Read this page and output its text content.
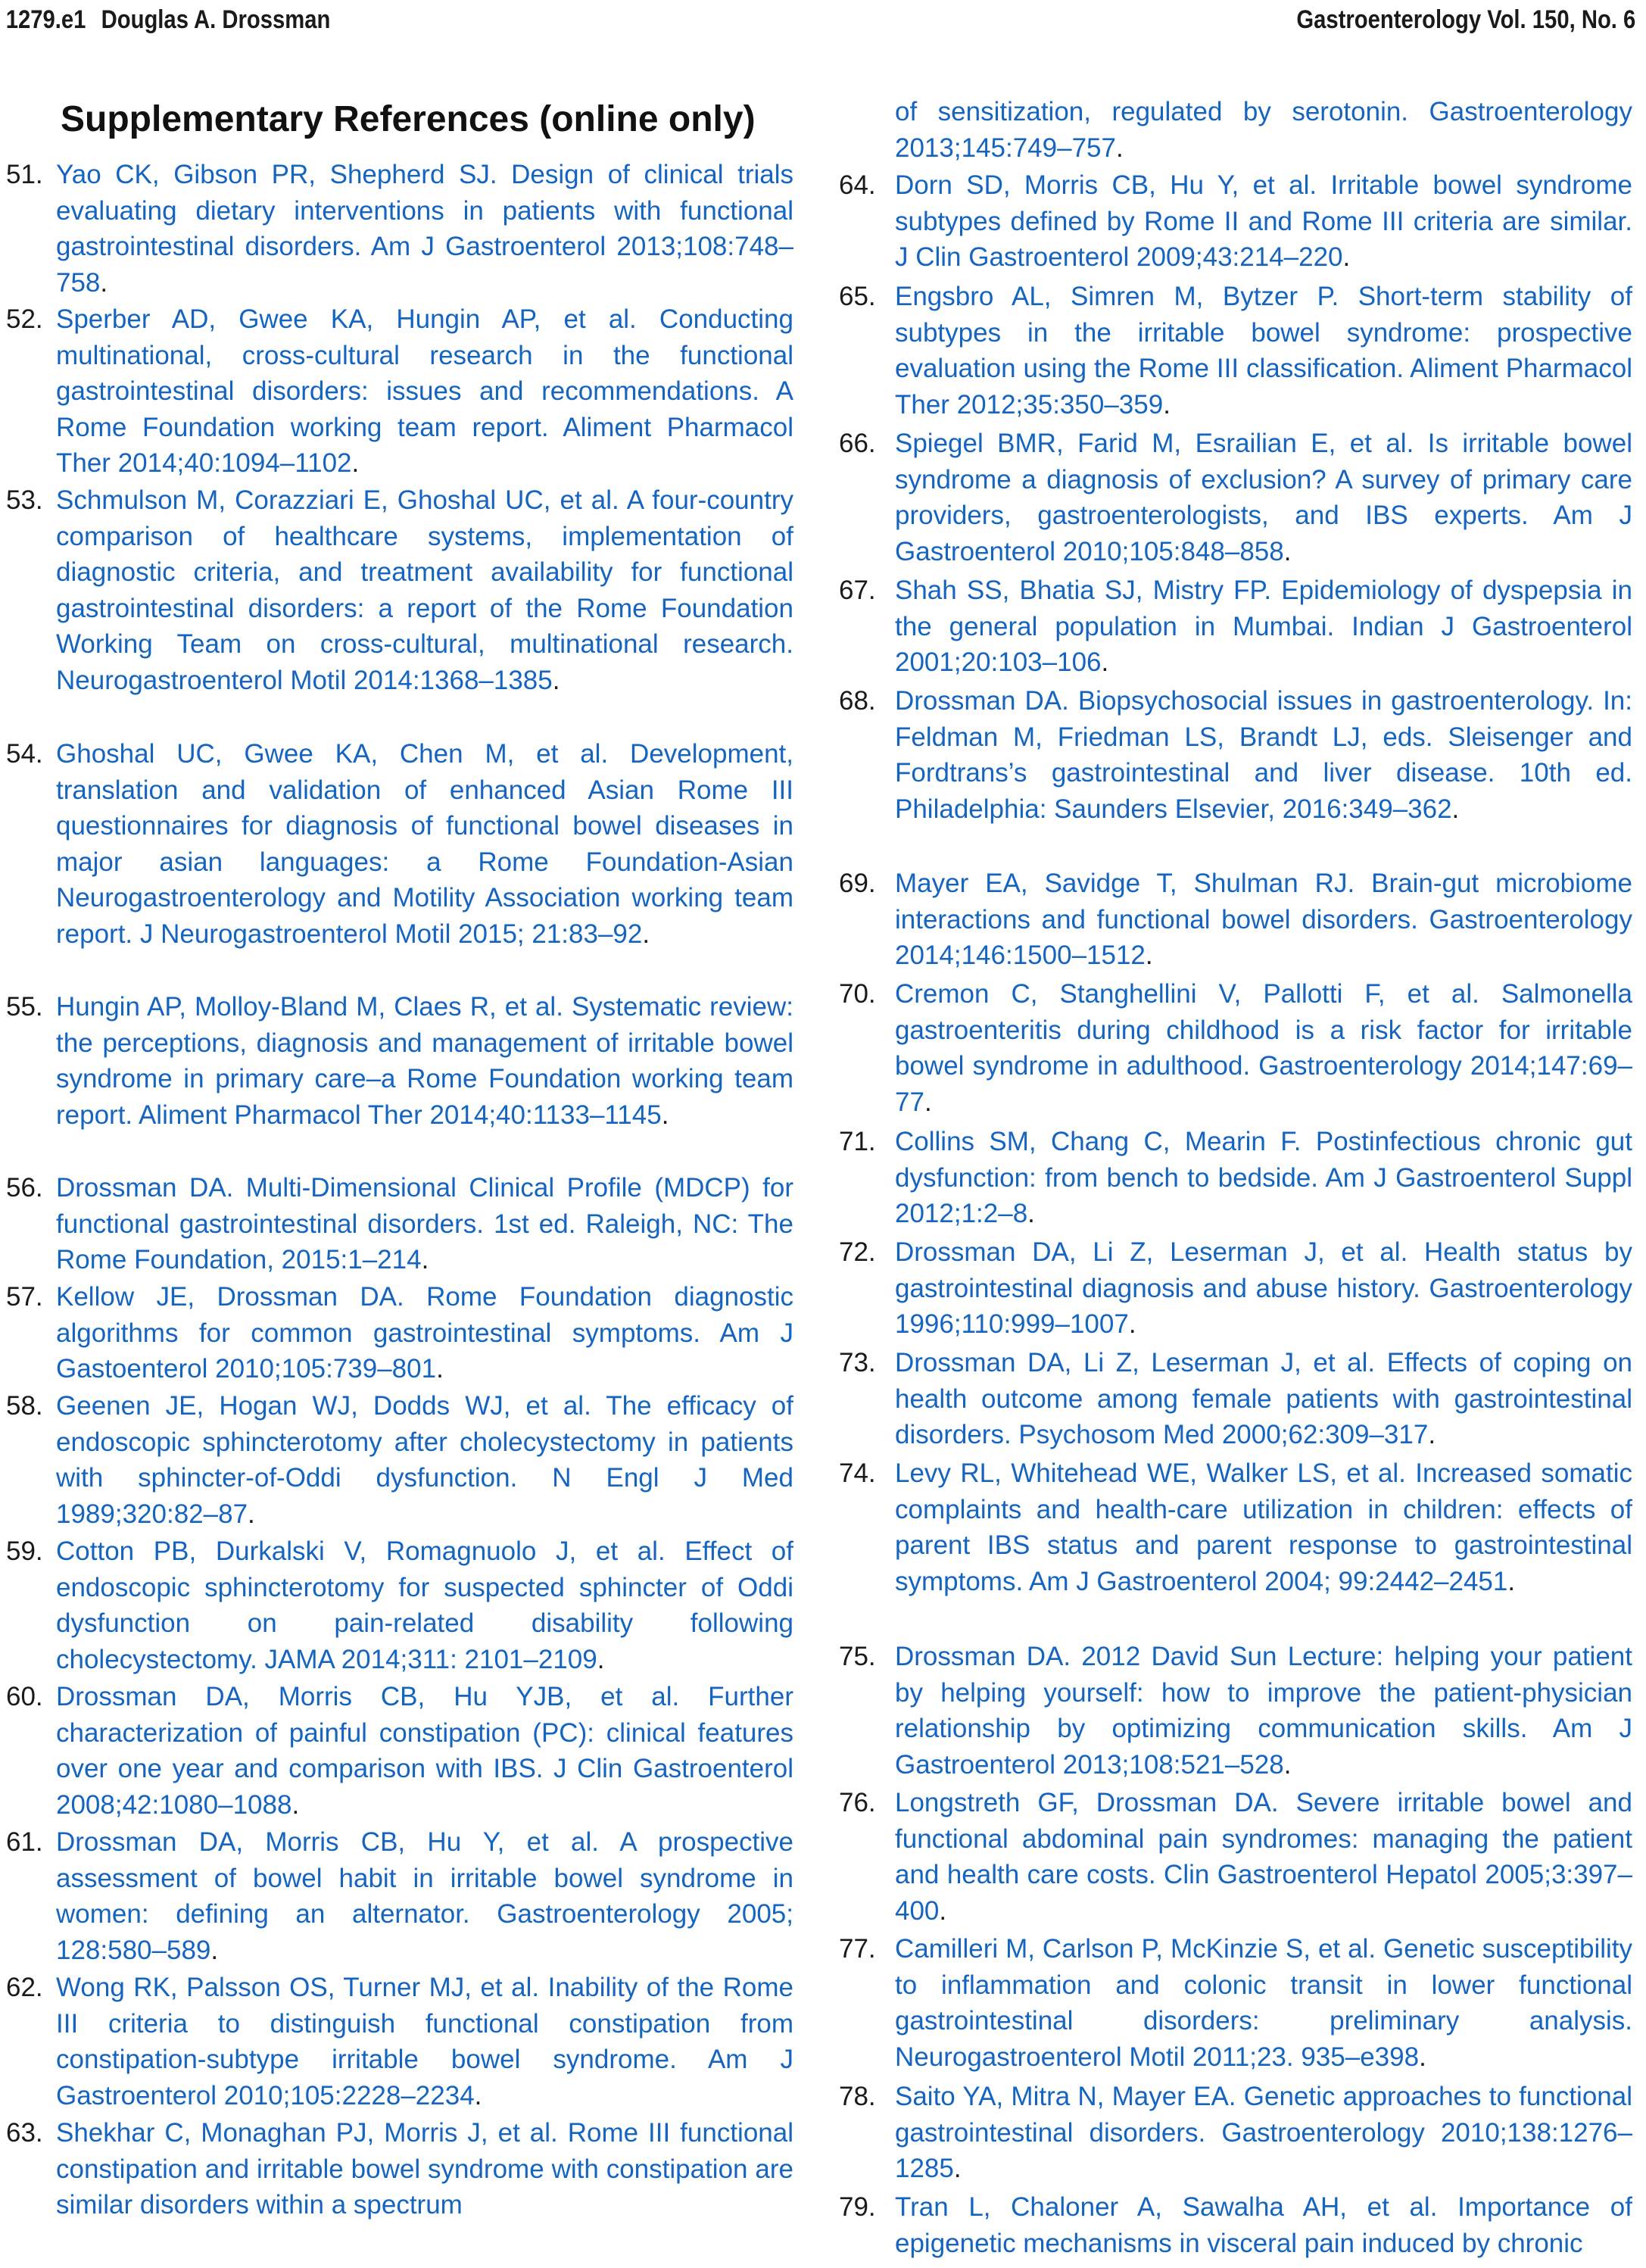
1279.e1 Douglas A. Drossman	Gastroenterology Vol. 150, No. 6
Supplementary References (online only)
51. Yao CK, Gibson PR, Shepherd SJ. Design of clinical trials evaluating dietary interventions in patients with functional gastrointestinal disorders. Am J Gastroenterol 2013;108:748–758.
52. Sperber AD, Gwee KA, Hungin AP, et al. Conducting multinational, cross-cultural research in the functional gastrointestinal disorders: issues and recommendations. A Rome Foundation working team report. Aliment Pharmacol Ther 2014;40:1094–1102.
53. Schmulson M, Corazziari E, Ghoshal UC, et al. A four-country comparison of healthcare systems, implementation of diagnostic criteria, and treatment availability for functional gastrointestinal disorders: a report of the Rome Foundation Working Team on cross-cultural, multinational research. Neurogastroenterol Motil 2014:1368–1385.
54. Ghoshal UC, Gwee KA, Chen M, et al. Development, translation and validation of enhanced Asian Rome III questionnaires for diagnosis of functional bowel diseases in major asian languages: a Rome Foundation-Asian Neurogastroenterology and Motility Association working team report. J Neurogastroenterol Motil 2015; 21:83–92.
55. Hungin AP, Molloy-Bland M, Claes R, et al. Systematic review: the perceptions, diagnosis and management of irritable bowel syndrome in primary care–a Rome Foundation working team report. Aliment Pharmacol Ther 2014;40:1133–1145.
56. Drossman DA. Multi-Dimensional Clinical Profile (MDCP) for functional gastrointestinal disorders. 1st ed. Raleigh, NC: The Rome Foundation, 2015:1–214.
57. Kellow JE, Drossman DA. Rome Foundation diagnostic algorithms for common gastrointestinal symptoms. Am J Gastoenterol 2010;105:739–801.
58. Geenen JE, Hogan WJ, Dodds WJ, et al. The efficacy of endoscopic sphincterotomy after cholecystectomy in patients with sphincter-of-Oddi dysfunction. N Engl J Med 1989;320:82–87.
59. Cotton PB, Durkalski V, Romagnuolo J, et al. Effect of endoscopic sphincterotomy for suspected sphincter of Oddi dysfunction on pain-related disability following cholecystectomy. JAMA 2014;311: 2101–2109.
60. Drossman DA, Morris CB, Hu YJB, et al. Further characterization of painful constipation (PC): clinical features over one year and comparison with IBS. J Clin Gastroenterol 2008;42:1080–1088.
61. Drossman DA, Morris CB, Hu Y, et al. A prospective assessment of bowel habit in irritable bowel syndrome in women: defining an alternator. Gastroenterology 2005; 128:580–589.
62. Wong RK, Palsson OS, Turner MJ, et al. Inability of the Rome III criteria to distinguish functional constipation from constipation-subtype irritable bowel syndrome. Am J Gastroenterol 2010;105:2228–2234.
63. Shekhar C, Monaghan PJ, Morris J, et al. Rome III functional constipation and irritable bowel syndrome with constipation are similar disorders within a spectrum
of sensitization, regulated by serotonin. Gastroenterology 2013;145:749–757.
64. Dorn SD, Morris CB, Hu Y, et al. Irritable bowel syndrome subtypes defined by Rome II and Rome III criteria are similar. J Clin Gastroenterol 2009;43:214–220.
65. Engsbro AL, Simren M, Bytzer P. Short-term stability of subtypes in the irritable bowel syndrome: prospective evaluation using the Rome III classification. Aliment Pharmacol Ther 2012;35:350–359.
66. Spiegel BMR, Farid M, Esrailian E, et al. Is irritable bowel syndrome a diagnosis of exclusion? A survey of primary care providers, gastroenterologists, and IBS experts. Am J Gastroenterol 2010;105:848–858.
67. Shah SS, Bhatia SJ, Mistry FP. Epidemiology of dyspepsia in the general population in Mumbai. Indian J Gastroenterol 2001;20:103–106.
68. Drossman DA. Biopsychosocial issues in gastroenterology. In: Feldman M, Friedman LS, Brandt LJ, eds. Sleisenger and Fordtrans’s gastrointestinal and liver disease. 10th ed. Philadelphia: Saunders Elsevier, 2016:349–362.
69. Mayer EA, Savidge T, Shulman RJ. Brain-gut microbiome interactions and functional bowel disorders. Gastroenterology 2014;146:1500–1512.
70. Cremon C, Stanghellini V, Pallotti F, et al. Salmonella gastroenteritis during childhood is a risk factor for irritable bowel syndrome in adulthood. Gastroenterology 2014;147:69–77.
71. Collins SM, Chang C, Mearin F. Postinfectious chronic gut dysfunction: from bench to bedside. Am J Gastroenterol Suppl 2012;1:2–8.
72. Drossman DA, Li Z, Leserman J, et al. Health status by gastrointestinal diagnosis and abuse history. Gastroenterology 1996;110:999–1007.
73. Drossman DA, Li Z, Leserman J, et al. Effects of coping on health outcome among female patients with gastrointestinal disorders. Psychosom Med 2000;62:309–317.
74. Levy RL, Whitehead WE, Walker LS, et al. Increased somatic complaints and health-care utilization in children: effects of parent IBS status and parent response to gastrointestinal symptoms. Am J Gastroenterol 2004; 99:2442–2451.
75. Drossman DA. 2012 David Sun Lecture: helping your patient by helping yourself: how to improve the patient-physician relationship by optimizing communication skills. Am J Gastroenterol 2013;108:521–528.
76. Longstreth GF, Drossman DA. Severe irritable bowel and functional abdominal pain syndromes: managing the patient and health care costs. Clin Gastroenterol Hepatol 2005;3:397–400.
77. Camilleri M, Carlson P, McKinzie S, et al. Genetic susceptibility to inflammation and colonic transit in lower functional gastrointestinal disorders: preliminary analysis. Neurogastroenterol Motil 2011;23. 935–e398.
78. Saito YA, Mitra N, Mayer EA. Genetic approaches to functional gastrointestinal disorders. Gastroenterology 2010;138:1276–1285.
79. Tran L, Chaloner A, Sawalha AH, et al. Importance of epigenetic mechanisms in visceral pain induced by chronic
